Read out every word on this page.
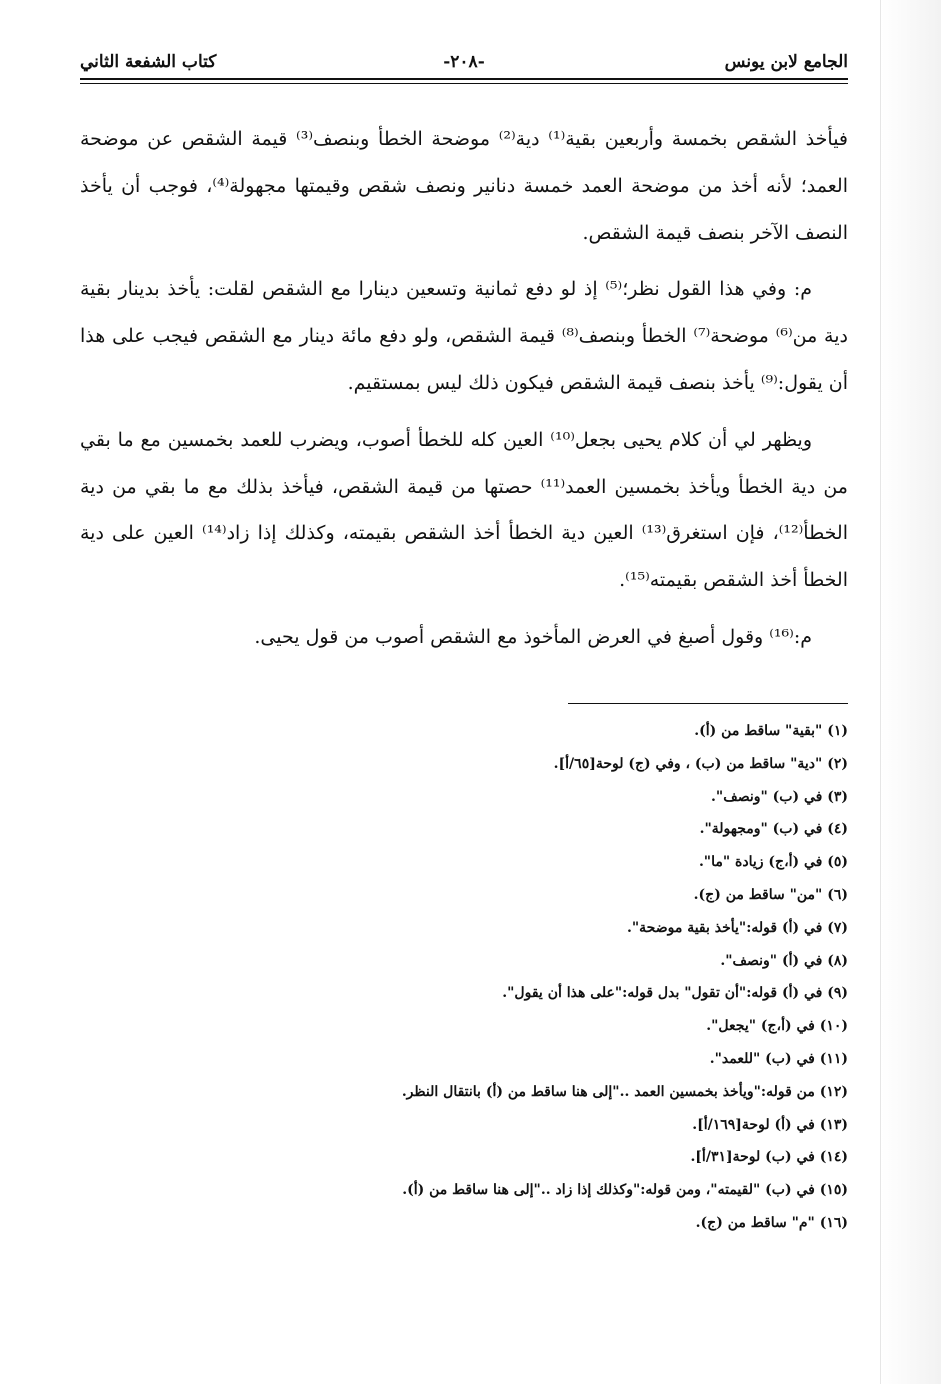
الجامع لابن يونس
-٢٠٨-
كتاب الشفعة الثاني

فيأخذ الشقص بخمسة وأربعين بقية⁽¹⁾ دية⁽²⁾ موضحة الخطأ وبنصف⁽³⁾ قيمة الشقص عن موضحة العمد؛ لأنه أخذ من موضحة العمد خمسة دنانير ونصف شقص وقيمتها مجهولة⁽⁴⁾، فوجب أن يأخذ النصف الآخر بنصف قيمة الشقص.

م: وفي هذا القول نظر؛⁽⁵⁾ إذ لو دفع ثمانية وتسعين دينارا مع الشقص لقلت: يأخذ بدينار بقية دية من⁽⁶⁾ موضحة⁽⁷⁾ الخطأ وبنصف⁽⁸⁾ قيمة الشقص، ولو دفع مائة دينار مع الشقص فيجب على هذا أن يقول:⁽⁹⁾ يأخذ بنصف قيمة الشقص فيكون ذلك ليس بمستقيم.

ويظهر لي أن كلام يحيى بجعل⁽¹⁰⁾ العين كله للخطأ أصوب، ويضرب للعمد بخمسين مع ما بقي من دية الخطأ ويأخذ بخمسين العمد⁽¹¹⁾ حصتها من قيمة الشقص، فيأخذ بذلك مع ما بقي من دية الخطأ⁽¹²⁾، فإن استغرق⁽¹³⁾ العين دية الخطأ أخذ الشقص بقيمته، وكذلك إذا زاد⁽¹⁴⁾ العين على دية الخطأ أخذ الشقص بقيمته⁽¹⁵⁾.

م:⁽¹⁶⁾ وقول أصبغ في العرض المأخوذ مع الشقص أصوب من قول يحيى.

(١) "بقية" ساقط من (أ).
(٢) "دية" ساقط من (ب) ، وفي (ج) لوحة[٦٥/أ].
(٣) في (ب) "ونصف".
(٤) في (ب) "ومجهولة".
(٥) في (أ،ج) زيادة "ما".
(٦) "من" ساقط من (ج).
(٧) في (أ) قوله:"يأخذ بقية موضحة".
(٨) في (أ) "ونصف".
(٩) في (أ) قوله:"أن تقول" بدل قوله:"على هذا أن يقول".
(١٠) في (أ،ج) "يجعل".
(١١) في (ب) "للعمد".
(١٢) من قوله:"ويأخذ بخمسين العمد .."إلى هنا ساقط من (أ) بانتقال النظر.
(١٣) في (أ) لوحة[١٦٩/أ].
(١٤) في (ب) لوحة[٣١/أ].
(١٥) في (ب) "لقيمته"، ومن قوله:"وكذلك إذا زاد .."إلى هنا ساقط من (أ).
(١٦) "م" ساقط من (ج).
